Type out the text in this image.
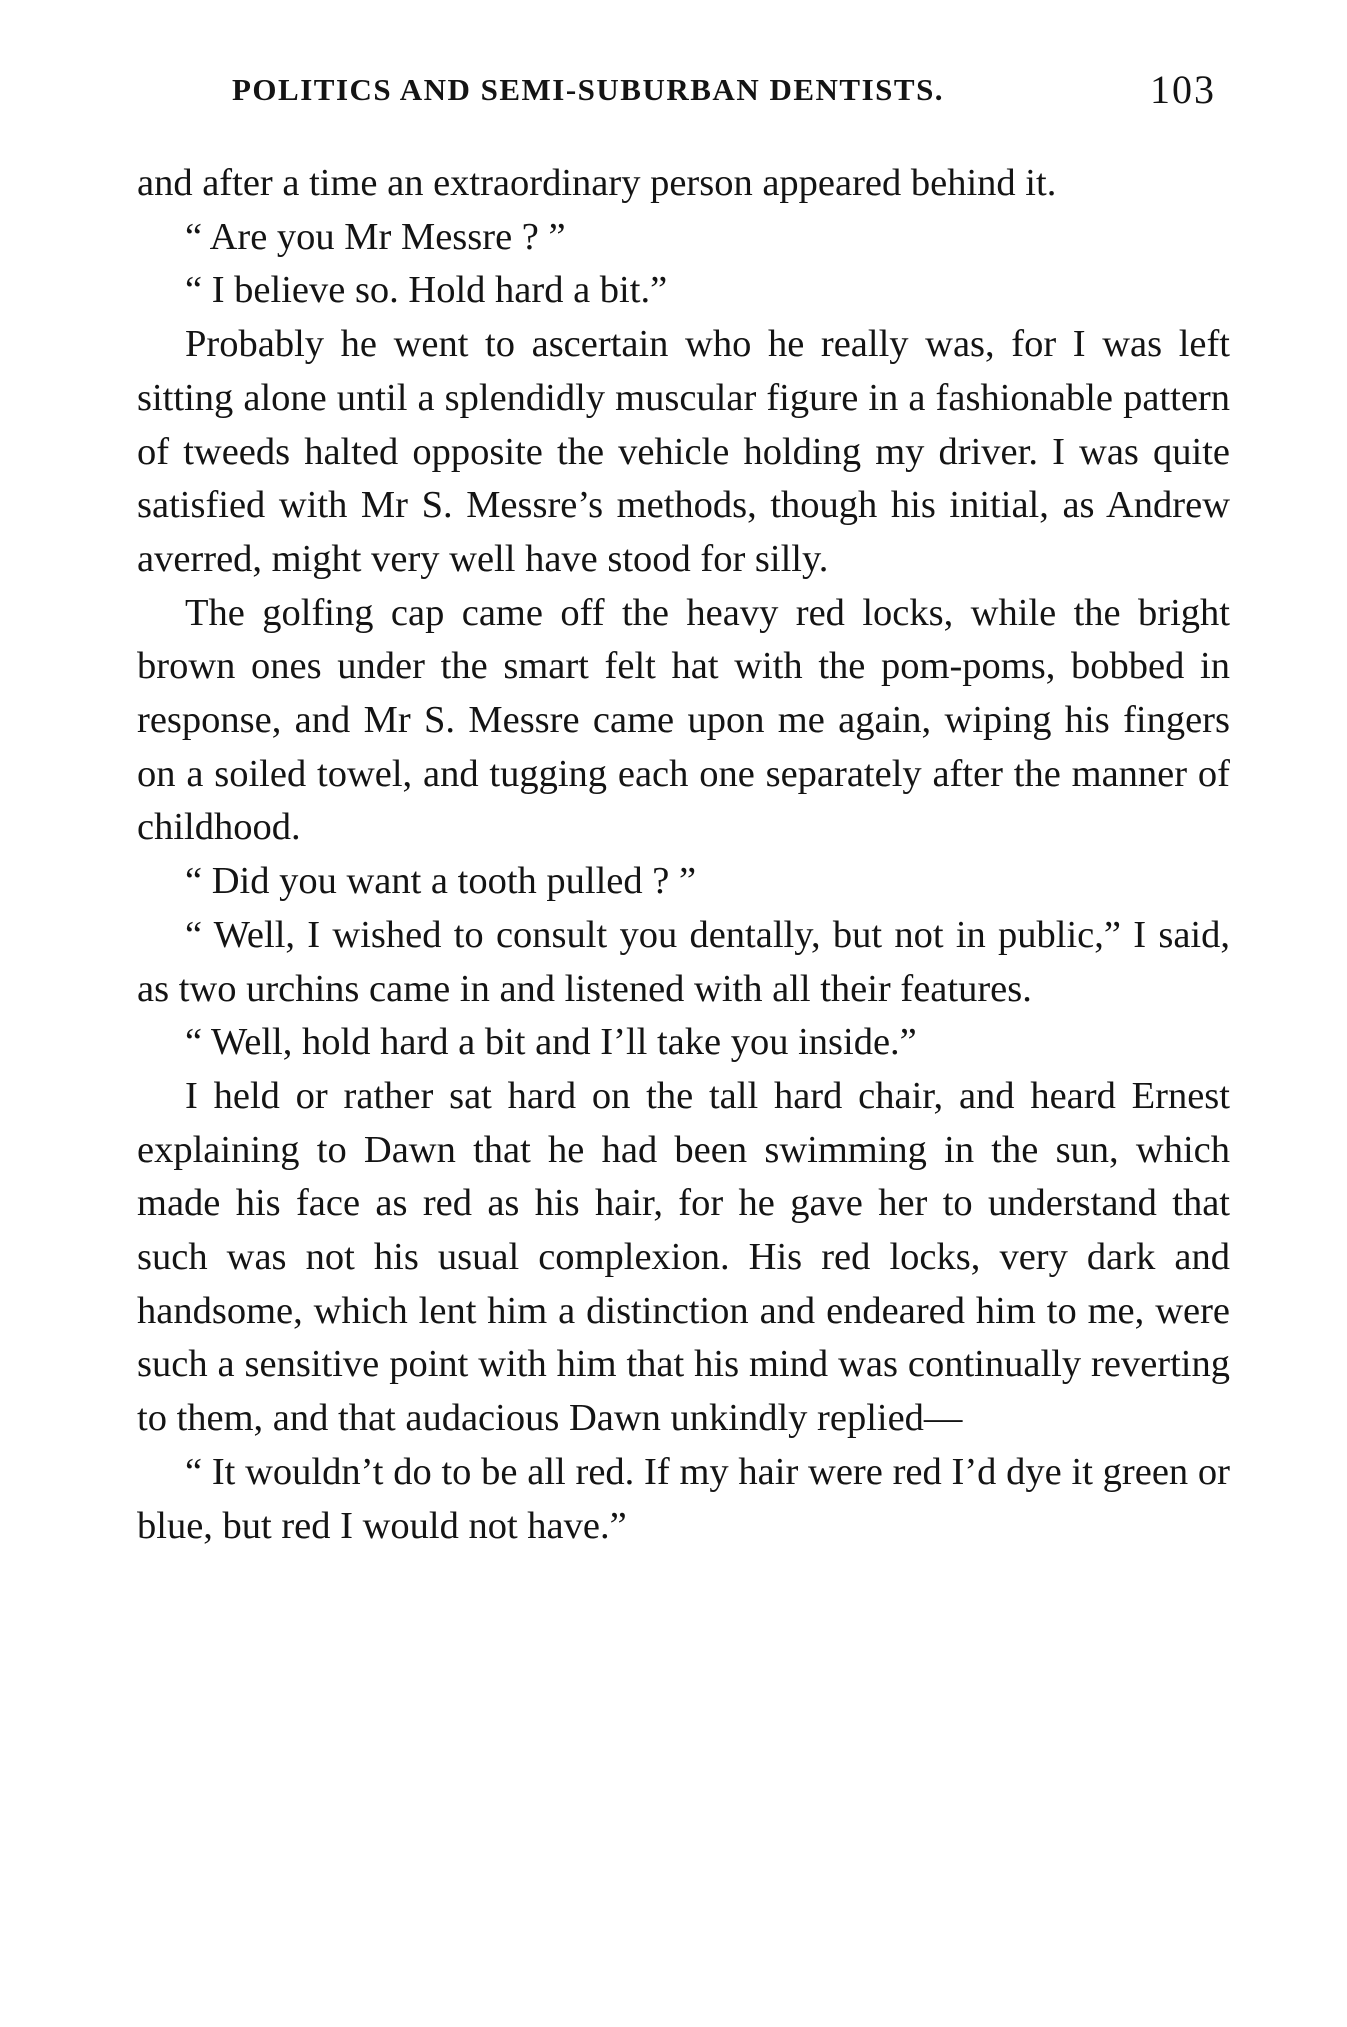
POLITICS AND SEMI-SUBURBAN DENTISTS.	103

and after a time an extraordinary person appeared behind it.

“ Are you Mr Messre ? ”

“ I believe so. Hold hard a bit.”

Probably he went to ascertain who he really was, for I was left sitting alone until a splendidly muscular figure in a fashionable pattern of tweeds halted opposite the vehicle holding my driver. I was quite satisfied with Mr S. Messre’s methods, though his initial, as Andrew averred, might very well have stood for silly.

The golfing cap came off the heavy red locks, while the bright brown ones under the smart felt hat with the pom-poms, bobbed in response, and Mr S. Messre came upon me again, wiping his fingers on a soiled towel, and tugging each one separately after the manner of childhood.

“ Did you want a tooth pulled ? ”

“ Well, I wished to consult you dentally, but not in public,” I said, as two urchins came in and listened with all their features.

“ Well, hold hard a bit and I’ll take you inside.”

I held or rather sat hard on the tall hard chair, and heard Ernest explaining to Dawn that he had been swimming in the sun, which made his face as red as his hair, for he gave her to understand that such was not his usual complexion. His red locks, very dark and handsome, which lent him a distinction and endeared him to me, were such a sensitive point with him that his mind was continually reverting to them, and that audacious Dawn unkindly replied—

“ It wouldn’t do to be all red. If my hair were red I’d dye it green or blue, but red I would not have.”
